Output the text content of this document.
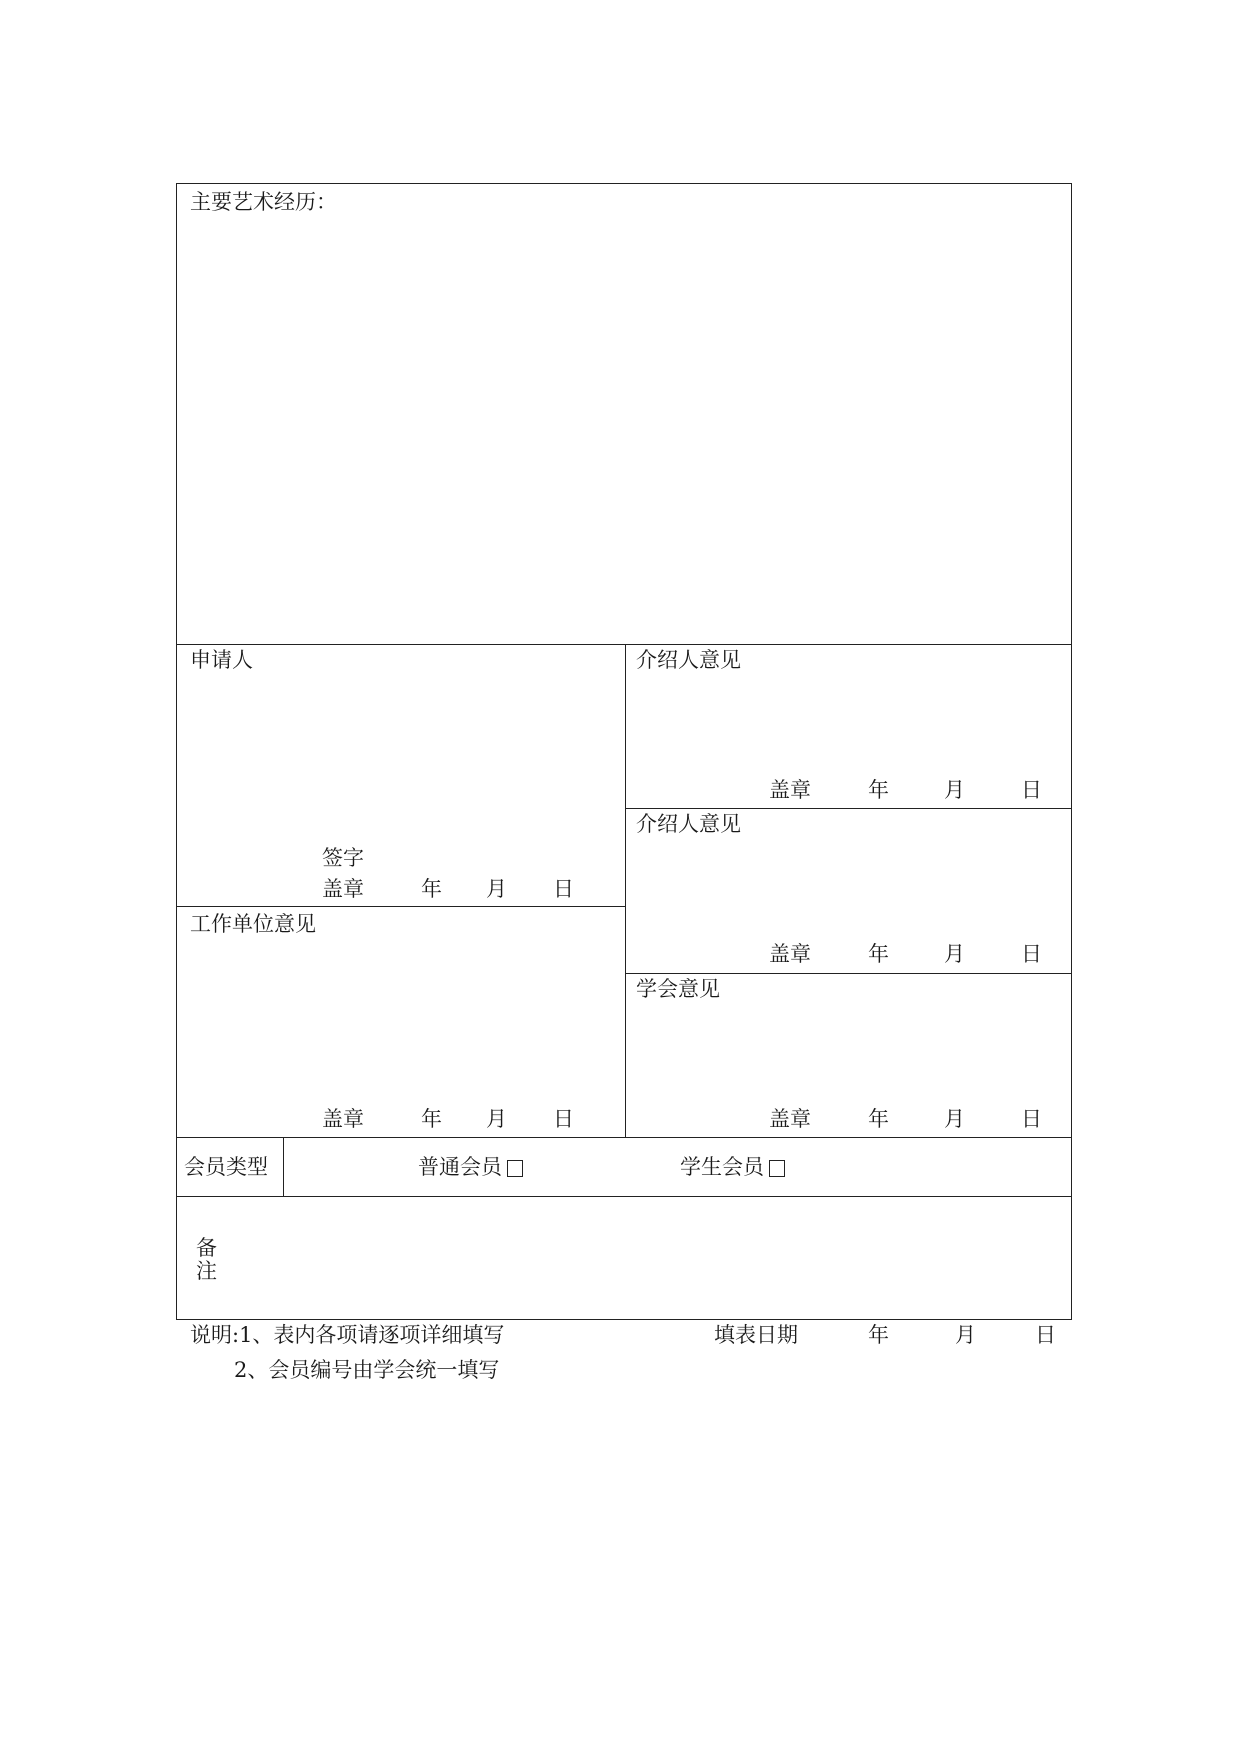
主要艺术经历：
申请人
签字
盖章	年 月 日
工作单位意见
盖章	年 月 日
介绍人意见
盖章	年	月	日
介绍人意见
盖章	年	月	日
学会意见
盖章	年	月	日
会员类型	普通会员	学生会员
备
注
说明:1、表内各项请逐项详细填写
2、会员编号由学会统一填写
填表日期	年	月	日
